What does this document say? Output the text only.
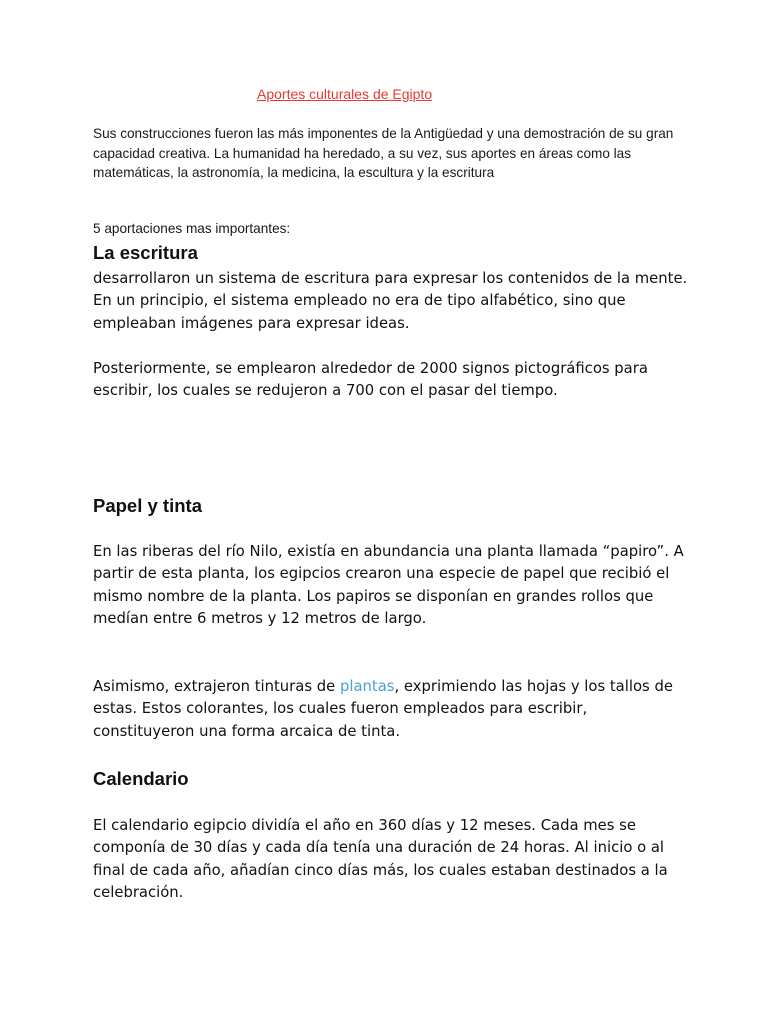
Aportes culturales de Egipto

Sus construcciones fueron las más imponentes de la Antigüedad y una demostración de su gran capacidad creativa. La humanidad ha heredado, a su vez, sus aportes en áreas como las matemáticas, la astronomía, la medicina, la escultura y la escritura

5 aportaciones mas importantes:

La escritura

desarrollaron un sistema de escritura para expresar los contenidos de la mente. En un principio, el sistema empleado no era de tipo alfabético, sino que empleaban imágenes para expresar ideas.

Posteriormente, se emplearon alrededor de 2000 signos pictográficos para escribir, los cuales se redujeron a 700 con el pasar del tiempo.

Papel y tinta

En las riberas del río Nilo, existía en abundancia una planta llamada “papiro”. A partir de esta planta, los egipcios crearon una especie de papel que recibió el mismo nombre de la planta. Los papiros se disponían en grandes rollos que medían entre 6 metros y 12 metros de largo.

Asimismo, extrajeron tinturas de plantas, exprimiendo las hojas y los tallos de estas. Estos colorantes, los cuales fueron empleados para escribir, constituyeron una forma arcaica de tinta.

Calendario

El calendario egipcio dividía el año en 360 días y 12 meses. Cada mes se componía de 30 días y cada día tenía una duración de 24 horas. Al inicio o al final de cada año, añadían cinco días más, los cuales estaban destinados a la celebración.
